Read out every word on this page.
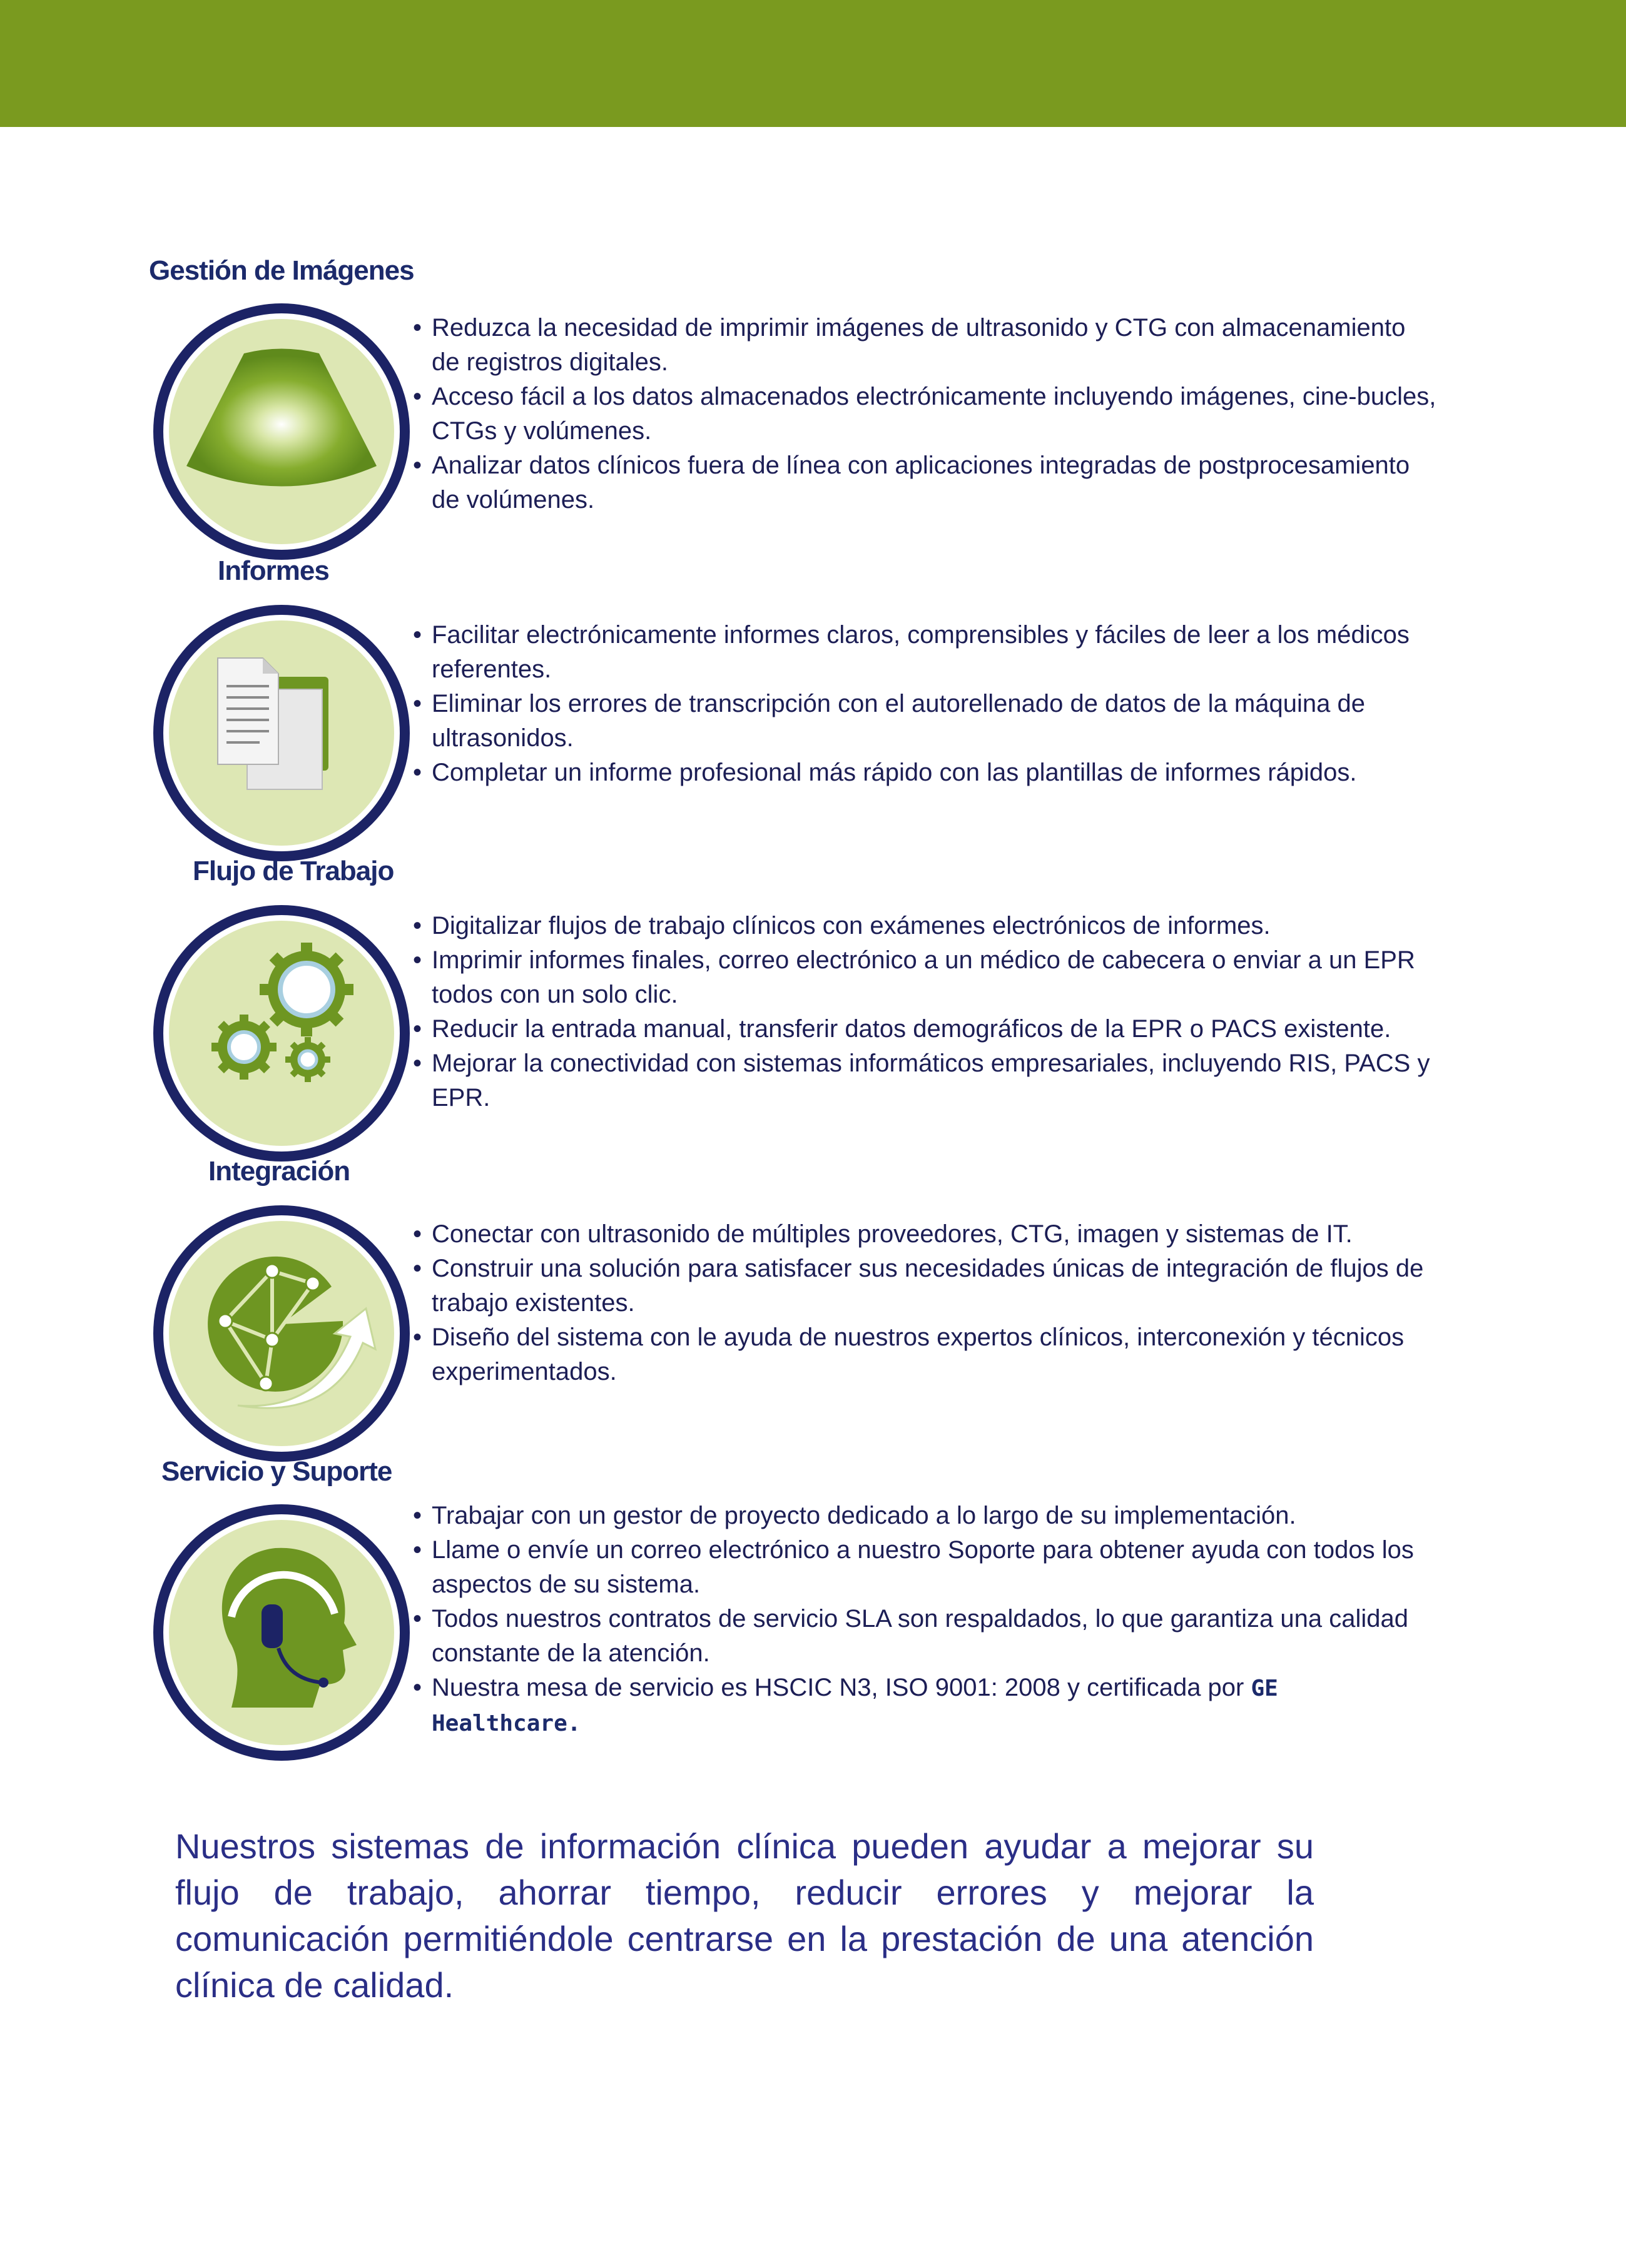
Gestión de Imágenes
• Reduzca la necesidad de imprimir imágenes de ultrasonido y CTG con almacenamiento de registros digitales.
• Acceso fácil a los datos almacenados electrónicamente incluyendo imágenes, cine-bucles, CTGs y volúmenes.
• Analizar datos clínicos fuera de línea con aplicaciones integradas de postprocesamiento de volúmenes.
Informes
• Facilitar electrónicamente informes claros, comprensibles y fáciles de leer a los médicos referentes.
• Eliminar los errores de transcripción con el autorellenado de datos de la máquina de ultrasonidos.
• Completar un informe profesional más rápido con las plantillas de informes rápidos.
Flujo de Trabajo
• Digitalizar flujos de trabajo clínicos con exámenes electrónicos de informes.
• Imprimir informes finales, correo electrónico a un médico de cabecera o enviar a un EPR todos con un solo clic.
• Reducir la entrada manual, transferir datos demográficos de la EPR o PACS existente.
• Mejorar la conectividad con sistemas informáticos empresariales, incluyendo RIS, PACS y EPR.
Integración
• Conectar con ultrasonido de múltiples proveedores, CTG, imagen y sistemas de IT.
• Construir una solución para satisfacer sus necesidades únicas de integración de flujos de trabajo existentes.
• Diseño del sistema con le ayuda de nuestros expertos clínicos, interconexión y técnicos experimentados.
Servicio y Suporte
• Trabajar con un gestor de proyecto dedicado a lo largo de su implementación.
• Llame o envíe un correo electrónico a nuestro Soporte para obtener ayuda con todos los aspectos de su sistema.
• Todos nuestros contratos de servicio SLA son respaldados, lo que garantiza una calidad constante de la atención.
• Nuestra mesa de servicio es HSCIC N3, ISO 9001: 2008 y certificada por GE Healthcare.
Nuestros sistemas de información clínica pueden ayudar a mejorar su flujo de trabajo, ahorrar tiempo, reducir errores y mejorar la comunicación permitiéndole centrarse en la prestación de una atención clínica de calidad.
